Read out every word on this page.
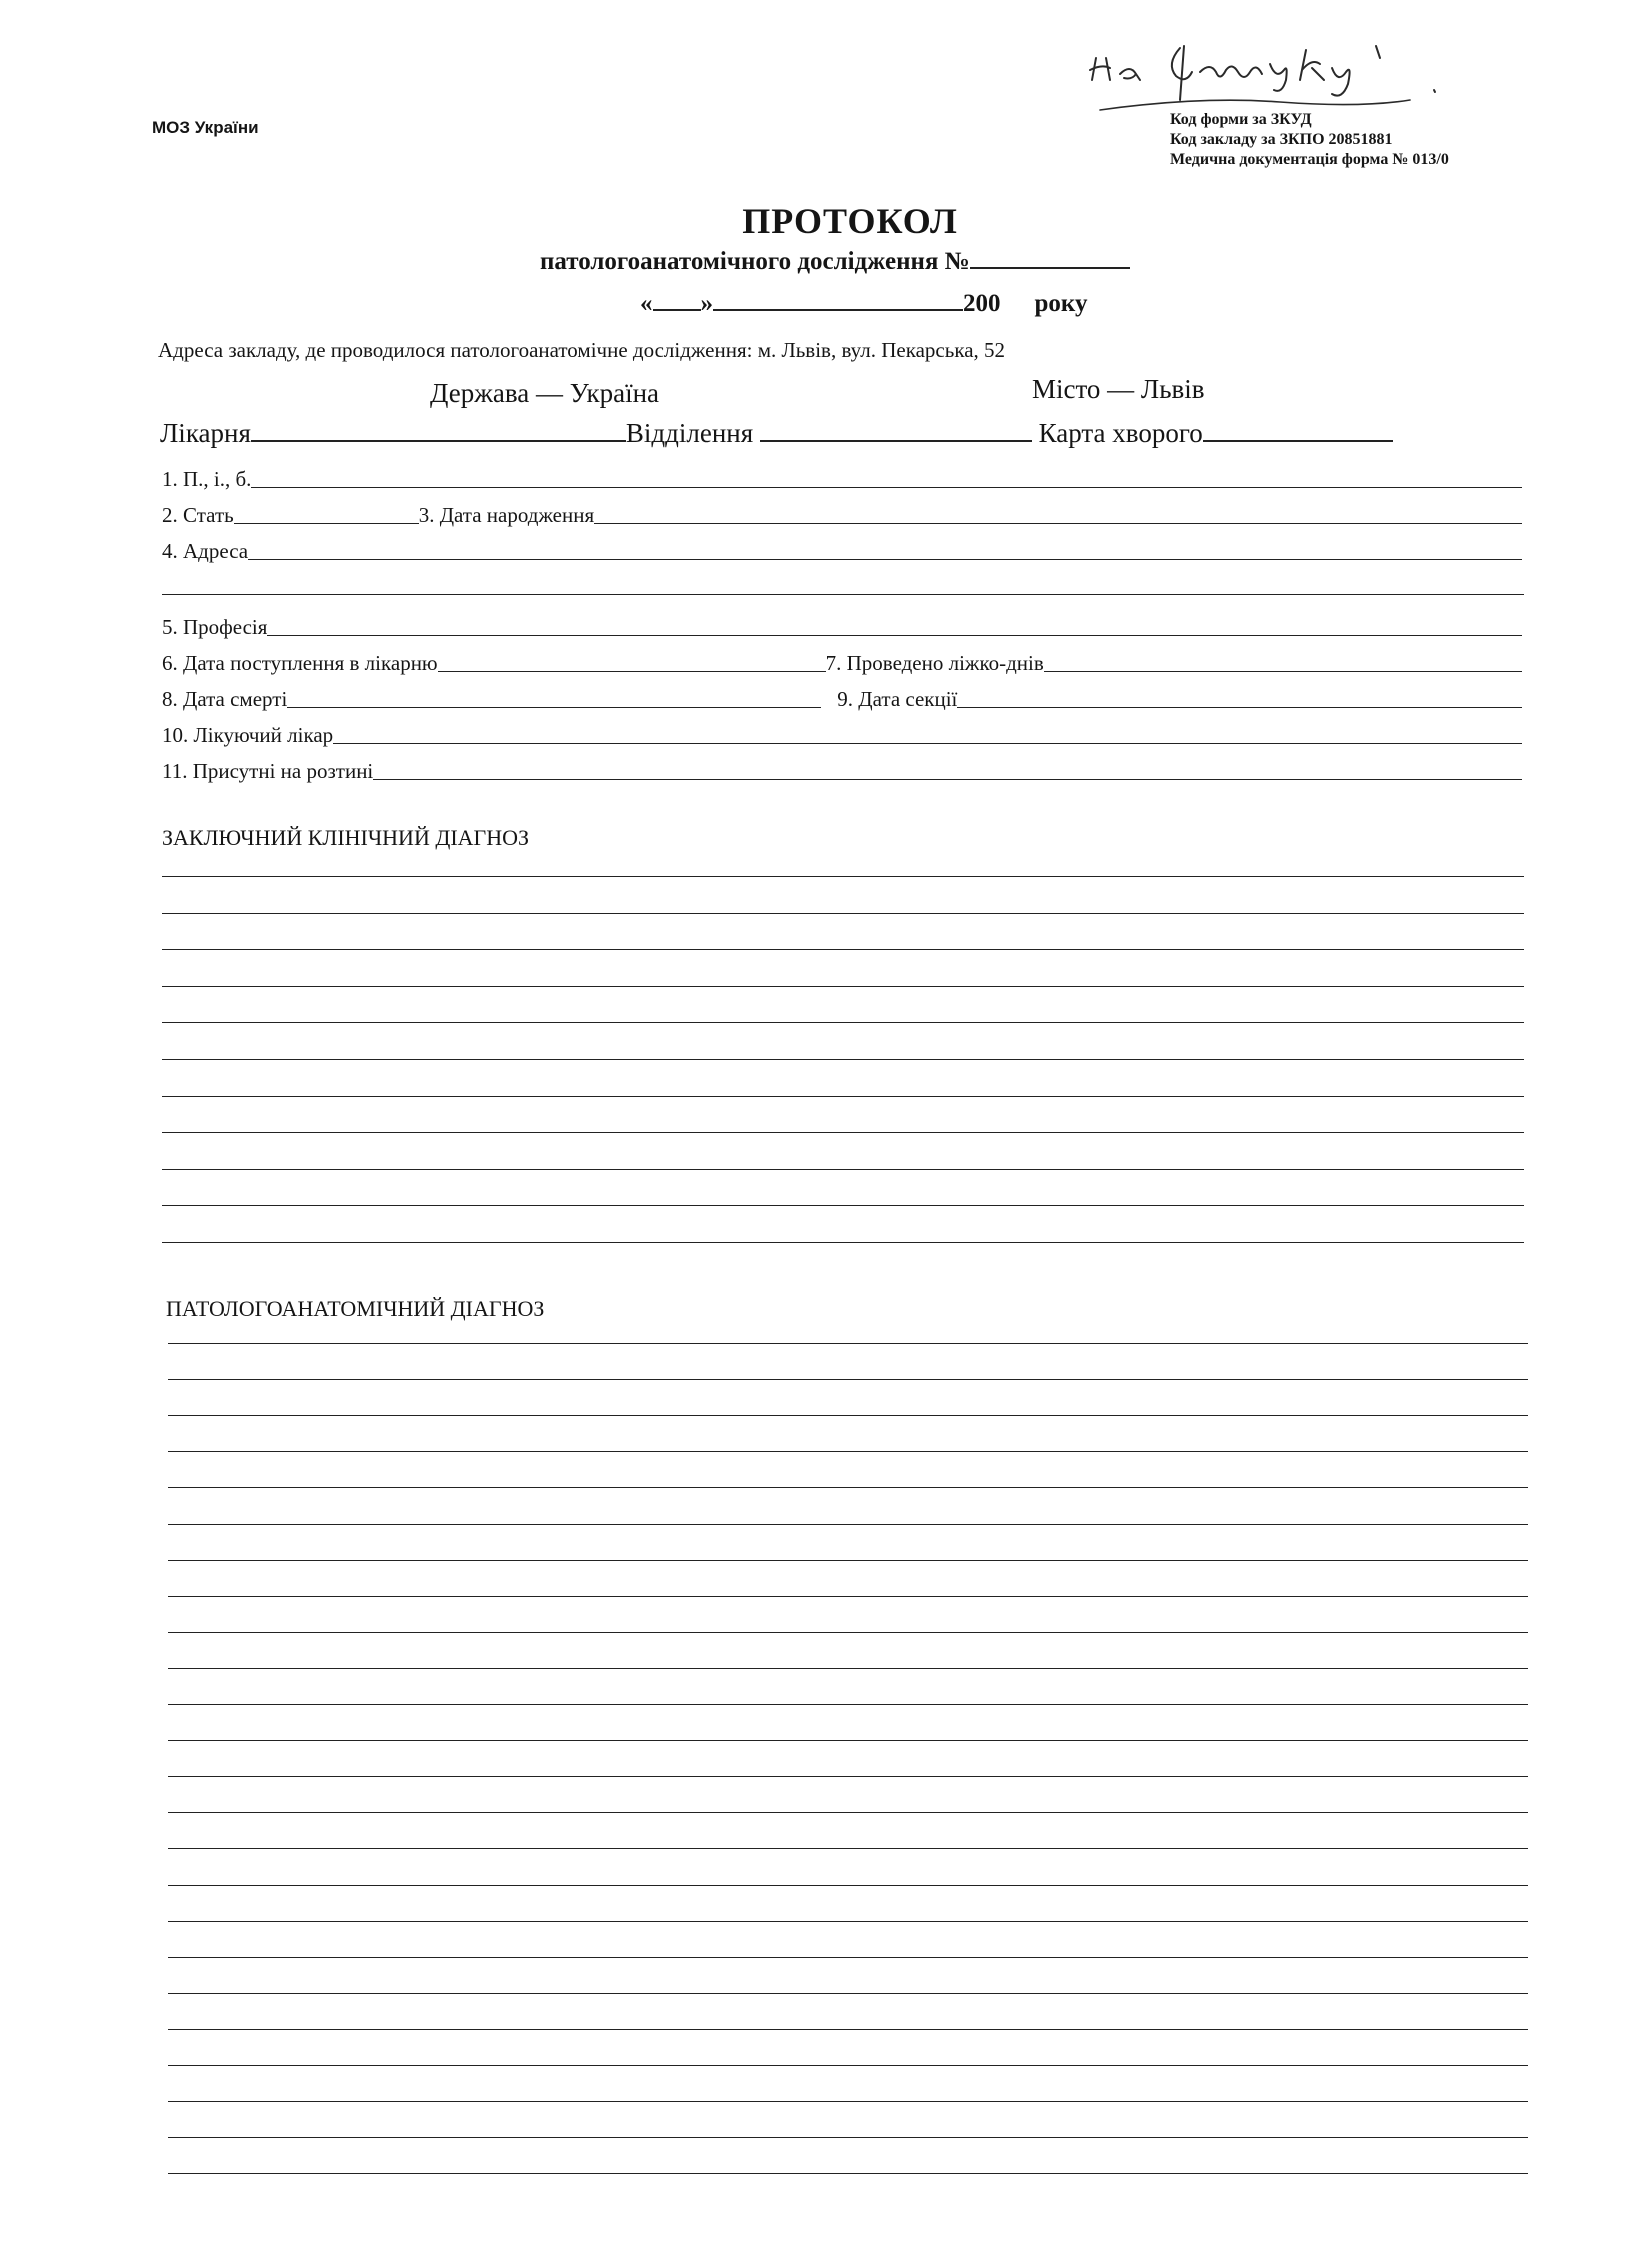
МОЗ України	Код форми за ЗКУД
Код закладу за ЗКПО 20851881
Медична документація форма № 013/0
ПРОТОКОЛ
патологоанатомічного дослідження №
« »	200 року
Адреса закладу, де проводилося патологоанатомічне дослідження: м. Львів, вул. Пекарська, 52
Держава — Україна	Місто — Львів
Лікарня	Відділення	Карта хворого
1. П., і., б.
2. Стать	3. Дата народження
4. Адреса
5. Професія
6. Дата поступлення в лікарню	7. Проведено ліжко-днів
8. Дата смерті	9. Дата секції
10. Лікуючий лікар
11. Присутні на розтині
ЗАКЛЮЧНИЙ КЛІНІЧНИЙ ДІАГНОЗ
ПАТОЛОГОАНАТОМІЧНИЙ ДІАГНОЗ
